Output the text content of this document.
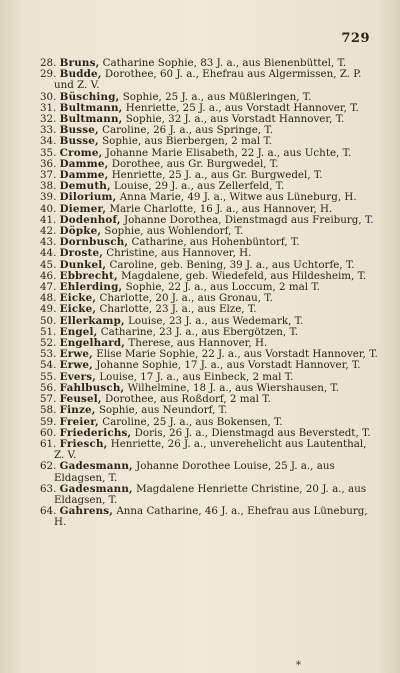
729
28. Bruns, Catharine Sophie, 83 J. a., aus Bienenbüttel, T.
29. Budde, Dorothee, 60 J. a., Ehefrau aus Algermissen, Z. P. und Z. V.
30. Büsching, Sophie, 25 J. a., aus Müßleringen, T.
31. Bultmann, Henriette, 25 J. a., aus Vorstadt Hannover, T.
32. Bultmann, Sophie, 32 J. a., aus Vorstadt Hannover, T.
33. Busse, Caroline, 26 J. a., aus Springe, T.
34. Busse, Sophie, aus Bierbergen, 2 mal T.
35. Crome, Johanne Marie Elisabeth, 22 J. a., aus Uchte, T.
36. Damme, Dorothee, aus Gr. Burgwedel, T.
37. Damme, Henriette, 25 J. a., aus Gr. Burgwedel, T.
38. Demuth, Louise, 29 J. a., aus Zellerfeld, T.
39. Dilorium, Anna Marie, 49 J. a., Witwe aus Lüneburg, H.
40. Diemer, Marie Charlotte, 16 J. a., aus Hannover, H.
41. Dodenhof, Johanne Dorothea, Dienstmagd aus Freiburg, T.
42. Döpke, Sophie, aus Wohlendorf, T.
43. Dornbusch, Catharine, aus Hohenbüntorf, T.
44. Droste, Christine, aus Hannover, H.
45. Dunkel, Caroline, geb. Bening, 39 J. a., aus Uchtorfe, T.
46. Ebbrecht, Magdalene, geb. Wiedefeld, aus Hildesheim, T.
47. Ehlerding, Sophie, 22 J. a., aus Loccum, 2 mal T.
48. Eicke, Charlotte, 20 J. a., aus Gronau, T.
49. Eicke, Charlotte, 23 J. a., aus Elze, T.
50. Ellerkamp, Louise, 23 J. a., aus Wedemark, T.
51. Engel, Catharine, 23 J. a., aus Ebergötzen, T.
52. Engelhard, Therese, aus Hannover, H.
53. Erwe, Elise Marie Sophie, 22 J. a., aus Vorstadt Hannover, T.
54. Erwe, Johanne Sophie, 17 J. a., aus Vorstadt Hannover, T.
55. Evers, Louise, 17 J. a., aus Einbeck, 2 mal T.
56. Fahlbusch, Wilhelmine, 18 J. a., aus Wiershausen, T.
57. Feusel, Dorothee, aus Roßdorf, 2 mal T.
58. Finze, Sophie, aus Neundorf, T.
59. Freier, Caroline, 25 J. a., aus Bokensen, T.
60. Friederichs, Doris, 26 J. a., Dienstmagd aus Beverstedt, T.
61. Friesch, Henriette, 26 J. a., unverehelicht aus Lautenthal, Z. V.
62. Gadesmann, Johanne Dorothee Louise, 25 J. a., aus Eldagsen, T.
63. Gadesmann, Magdalene Henriette Christine, 20 J. a., aus Eldagsen, T.
64. Gahrens, Anna Catharine, 46 J. a., Ehefrau aus Lüneburg, H.
*
